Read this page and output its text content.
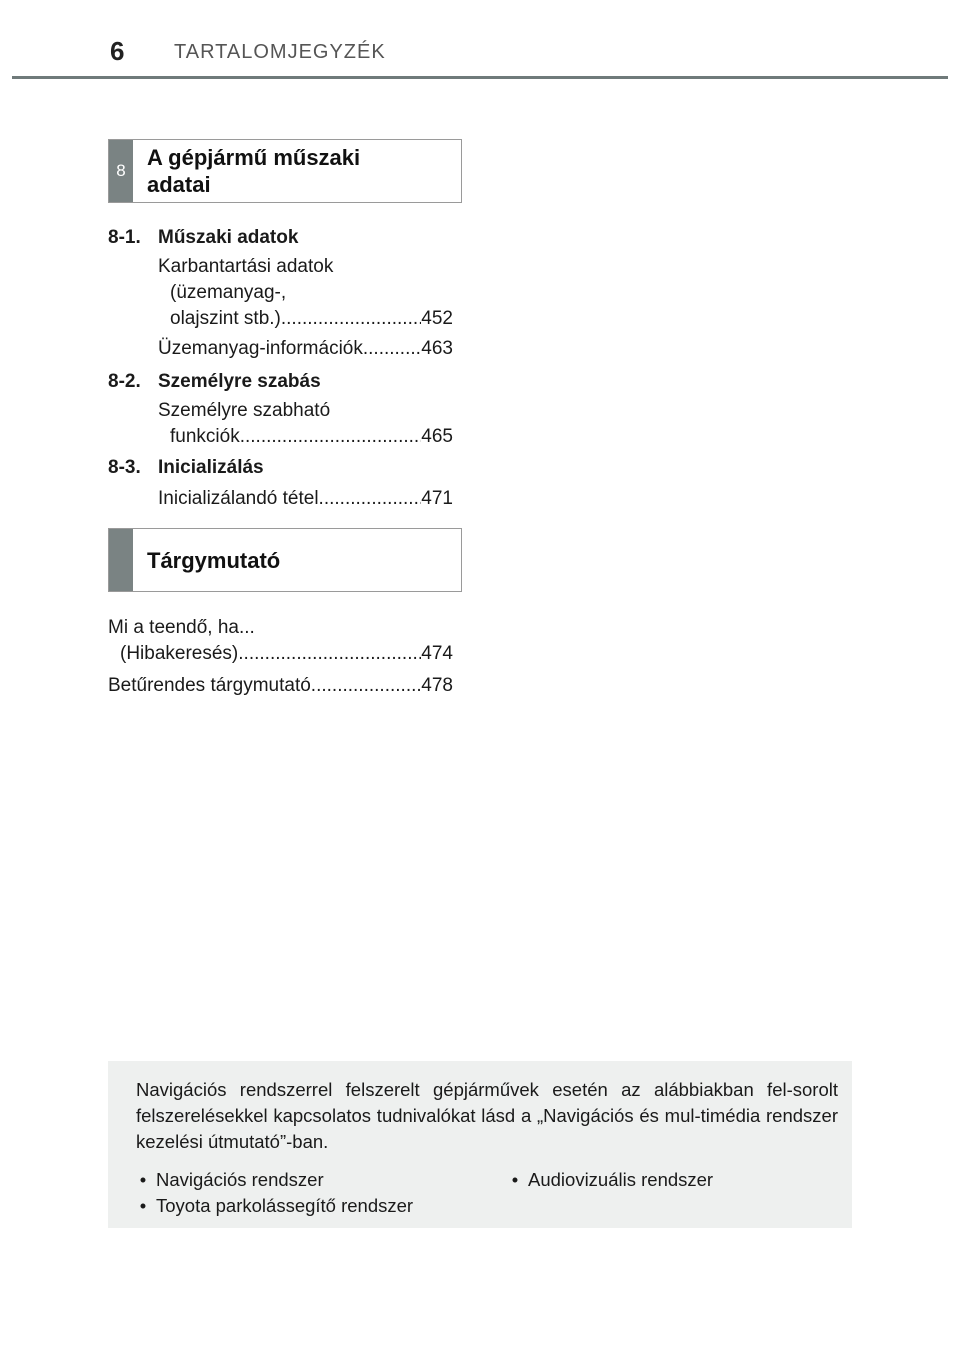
6 TARTALOMJEGYZÉK
8
A gépjármű műszaki
adatai
8-1. Műszaki adatok
Karbantartási adatok
(üzemanyag-,
olajszint stb.) .....	452
Üzemanyag-információk .....	463
8-2. Személyre szabás
Személyre szabható
funkciók .....	465
8-3. Inicializálás
Inicializálandó tétel .....	471
Tárgymutató
Mi a teendő, ha...
(Hibakeresés) .....	474
Betűrendes tárgymutató .....	478
Navigációs rendszerrel felszerelt gépjárművek esetén az alábbiakban fel-sorolt felszerelésekkel kapcsolatos tudnivalókat lásd a „Navigációs és mul-timédia rendszer kezelési útmutató”-ban.
• Navigációs rendszer
• Toyota parkolássegítő rendszer
• Audiovizuális rendszer
